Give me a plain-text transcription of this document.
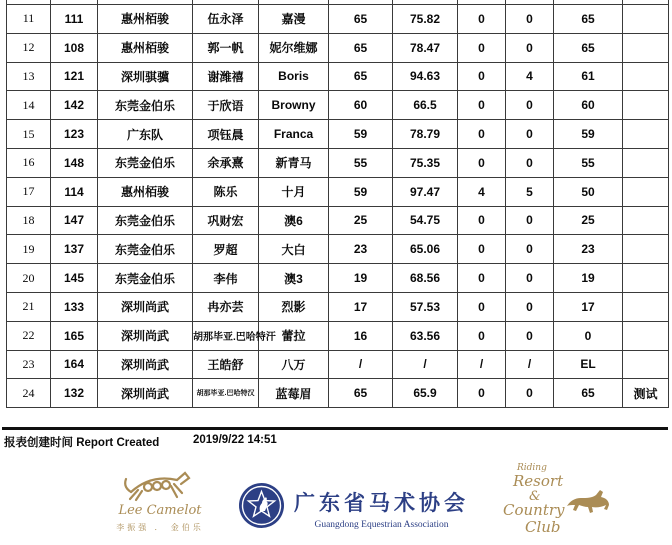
11	111	惠州栢骏	伍永泽	嘉漫	65	75.82	0	0	65	
12	108	惠州栢骏	郭一帆	妮尔维娜	65	78.47	0	0	65	
13	121	深圳骐骥	谢潍禧	Boris	65	94.63	0	4	61	
14	142	东莞金伯乐	于欣语	Browny	60	66.5	0	0	60	
15	123	广东队	项钰晨	Franca	59	78.79	0	0	59	
16	148	东莞金伯乐	余承熹	新青马	55	75.35	0	0	55	
17	114	惠州栢骏	陈乐	十月	59	97.47	4	5	50	
18	147	东莞金伯乐	巩财宏	澳6	25	54.75	0	0	25	
19	137	东莞金伯乐	罗超	大白	23	65.06	0	0	23	
20	145	东莞金伯乐	李伟	澳3	19	68.56	0	0	19	
21	133	深圳尚武	冉亦芸	烈影	17	57.53	0	0	17	
22	165	深圳尚武	胡那毕亚.巴哈特汗	蕾拉	16	63.56	0	0	0	
23	164	深圳尚武	王皓舒	八万	/	/	/	/	EL	
24	132	深圳尚武	胡那毕亚.巴哈特汉	蓝莓眉	65	65.9	0	0	65	测试
报表创建时间 Report Created	2019/9/22 14:51
Lee Camelot
李振强 ． 金伯乐
广东省马术协会
Guangdong Equestrian Association
Riding
Resort
&
Country
Club
